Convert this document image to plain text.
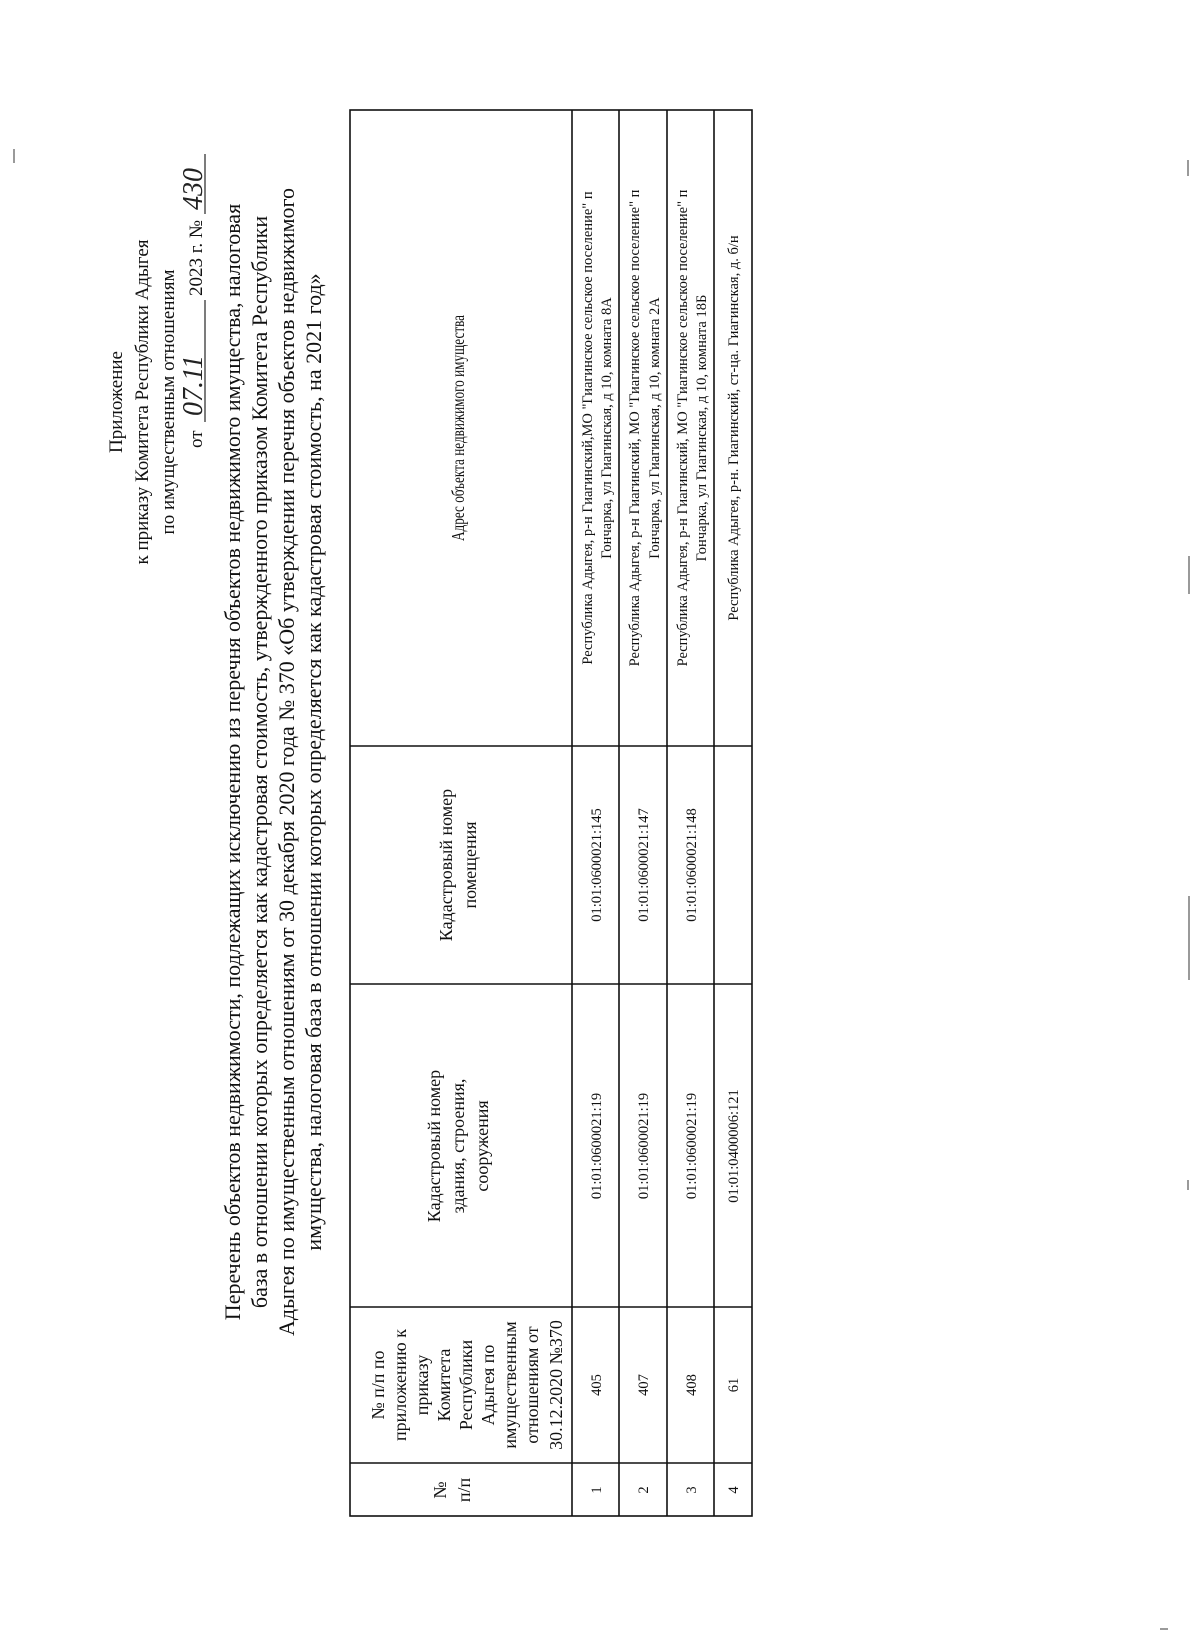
Приложение к приказу Комитета Республики Адыгея по имущественным отношениям от
07.11
2023 г. №
430
Перечень объектов недвижимости, подлежащих исключению из перечня объектов недвижимого имущества, налоговая база в отношении которых определяется как кадастровая стоимость, утвержденного приказом Комитета Республики Адыгея по имущественным отношениям от 30 декабря 2020 года № 370 «Об утверждении перечня объектов недвижимого имущества, налоговая база в отношении которых определяется как кадастровая стоимость, на 2021 год»
№ п/п
№ п/п по приложению к приказу Комитета Республики Адыгея по имущественным отношениям от 30.12.2020 №370
Кадастровый номер здания, строения, сооружения
Кадастровый номер помещения
Адрес объекта недвижимого имущества
1
405
01:01:0600021:19
01:01:0600021:145
Республика Адыгея, р-н Гиагинский,МО "Гиагинское сельское поселение" п Гончарка, ул Гиагинская, д 10, комната 8А
2
407
01:01:0600021:19
01:01:0600021:147
Республика Адыгея, р-н Гиагинский, МО "Гиагинское сельское поселение" п Гончарка, ул Гиагинская, д 10, комната 2А
3
408
01:01:0600021:19
01:01:0600021:148
Республика Адыгея, р-н Гиагинский, МО "Гиагинское сельское поселение" п Гончарка, ул Гиагинская, д 10, комната 18Б
4
61
01:01:0400006:121
Республика Адыгея, р-н. Гиагинский, ст-ца. Гиагинская, д. б/н
